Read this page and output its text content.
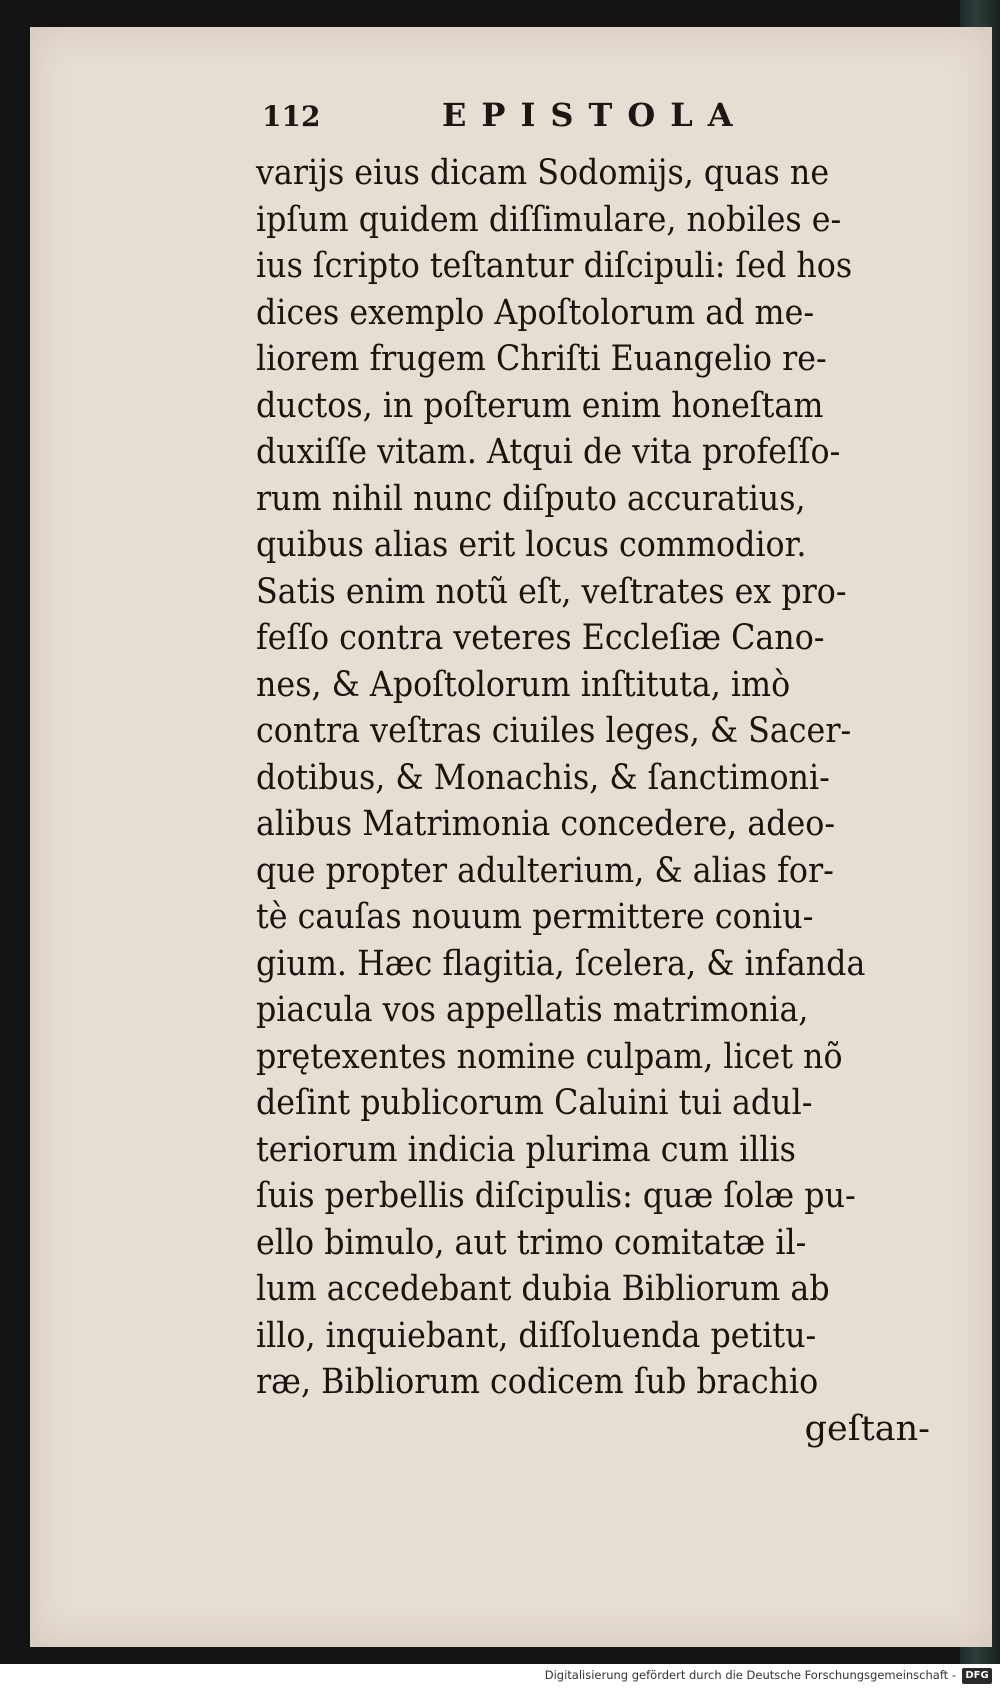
112	EPISTOLA
varijs eius dicam Sodomijs, quas ne
ipſum quidem diſſimulare, nobiles e-
ius ſcripto teſtantur diſcipuli: ſed hos
dices exemplo Apoſtolorum ad me-
liorem frugem Chriſti Euangelio re-
ductos, in poſterum enim honeſtam
duxiſſe vitam. Atqui de vita profeſſo-
rum nihil nunc diſputo accuratius,
quibus alias erit locus commodior.
Satis enim notũ eſt, veſtrates ex pro-
feſſo contra veteres Eccleſiæ Cano-
nes, & Apoſtolorum inſtituta, imò
contra veſtras ciuiles leges, & Sacer-
dotibus, & Monachis, & ſanctimoni-
alibus Matrimonia concedere, adeo-
que propter adulterium, & alias for-
tè cauſas nouum permittere coniu-
gium. Hæc flagitia, ſcelera, & infanda
piacula vos appellatis matrimonia,
prętexentes nomine culpam, licet nõ
deſint publicorum Caluini tui adul-
teriorum indicia plurima cum illis
ſuis perbellis diſcipulis: quæ ſolæ pu-
ello bimulo, aut trimo comitatæ il-
lum accedebant dubia Bibliorum ab
illo, inquiebant, diſſoluenda petitu-
ræ, Bibliorum codicem ſub brachio
geſtan-
Digitalisierung gefördert durch die Deutsche Forschungsgemeinschaft - DFG
